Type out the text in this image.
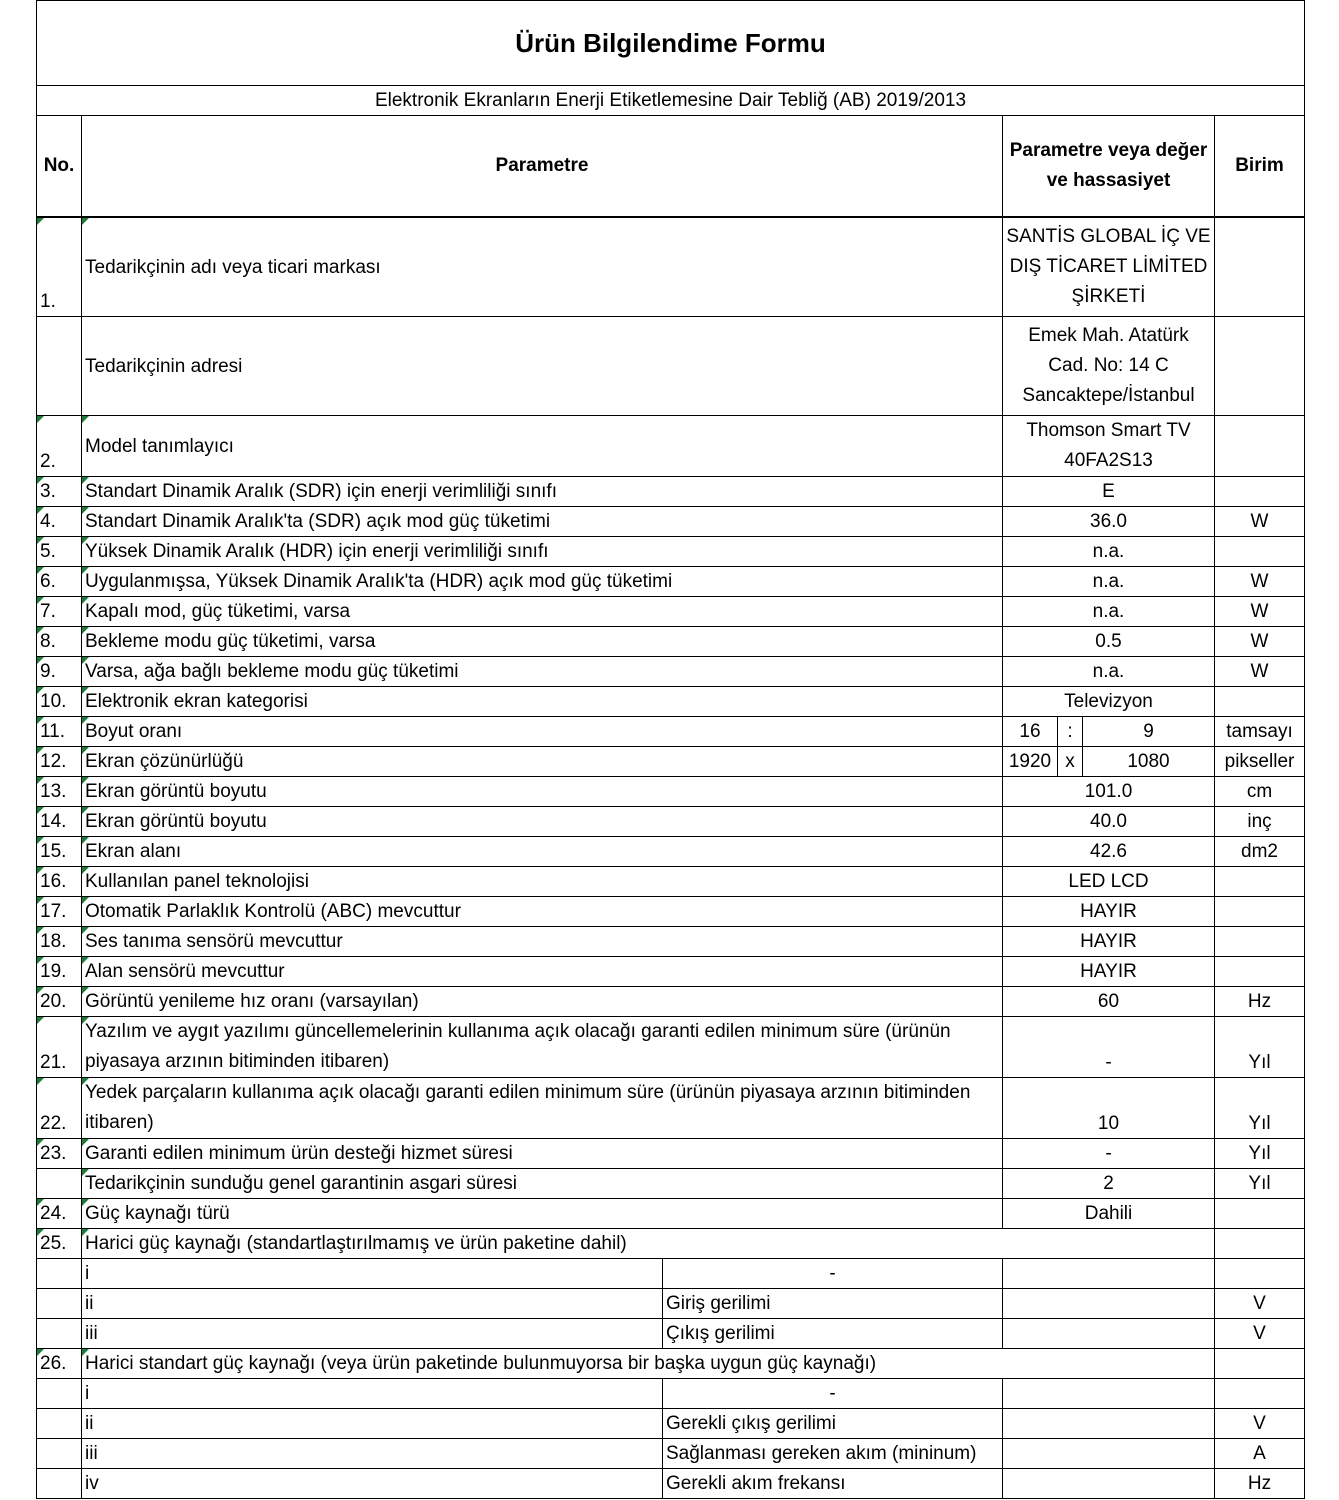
Ürün Bilgilendime Formu				
Elektronik Ekranların Enerji Etiketlemesine Dair Tebliğ (AB) 2019/2013				
No.	Parametre		Parametre veya değer ve hassasiyet	Birim
1.	Tedarikçinin adı veya ticari markası		SANTİS GLOBAL İÇ VE DIŞ TİCARET LİMİTED ŞİRKETİ	
	Tedarikçinin adresi		Emek Mah. Atatürk Cad. No: 14 C Sancaktepe/İstanbul	
2.	Model tanımlayıcı		Thomson Smart TV 40FA2S13	
3.	Standart Dinamik Aralık (SDR) için enerji verimliliği sınıfı		E	
4.	Standart Dinamik Aralık'ta (SDR) açık mod güç tüketimi		36.0	W
5.	Yüksek Dinamik Aralık (HDR) için enerji verimliliği sınıfı		n.a.	
6.	Uygulanmışsa, Yüksek Dinamik Aralık'ta (HDR) açık mod güç tüketimi		n.a.	W
7.	Kapalı mod, güç tüketimi, varsa		n.a.	W
8.	Bekleme modu güç tüketimi, varsa		0.5	W
9.	Varsa, ağa bağlı bekleme modu güç tüketimi		n.a.	W
10.	Elektronik ekran kategorisi		Televizyon	
11.	Boyut oranı		16 : 9	tamsayı
12.	Ekran çözünürlüğü		1920 x 1080	pikseller
13.	Ekran görüntü boyutu		101.0	cm
14.	Ekran görüntü boyutu		40.0	inç
15.	Ekran alanı		42.6	dm2
16.	Kullanılan panel teknolojisi		LED LCD	
17.	Otomatik Parlaklık Kontrolü (ABC) mevcuttur		HAYIR	
18.	Ses tanıma sensörü mevcuttur		HAYIR	
19.	Alan sensörü mevcuttur		HAYIR	
20.	Görüntü yenileme hız oranı (varsayılan)		60	Hz
21.	Yazılım ve aygıt yazılımı güncellemelerinin kullanıma açık olacağı garanti edilen minimum süre (ürünün piyasaya arzının bitiminden itibaren)		-	Yıl
22.	Yedek parçaların kullanıma açık olacağı garanti edilen minimum süre (ürünün piyasaya arzının bitiminden itibaren)		10	Yıl
23.	Garanti edilen minimum ürün desteği hizmet süresi		-	Yıl
	Tedarikçinin sunduğu genel garantinin asgari süresi		2	Yıl
24.	Güç kaynağı türü		Dahili	
25.	Harici güç kaynağı (standartlaştırılmamış ve ürün paketine dahil)			
	i	-		
	ii	Giriş gerilimi		V
	iii	Çıkış gerilimi		V
26.	Harici standart güç kaynağı (veya ürün paketinde bulunmuyorsa bir başka uygun güç kaynağı)			
	i	-		
	ii	Gerekli çıkış gerilimi		V
	iii	Sağlanması gereken akım (mininum)		A
	iv	Gerekli akım frekansı		Hz
